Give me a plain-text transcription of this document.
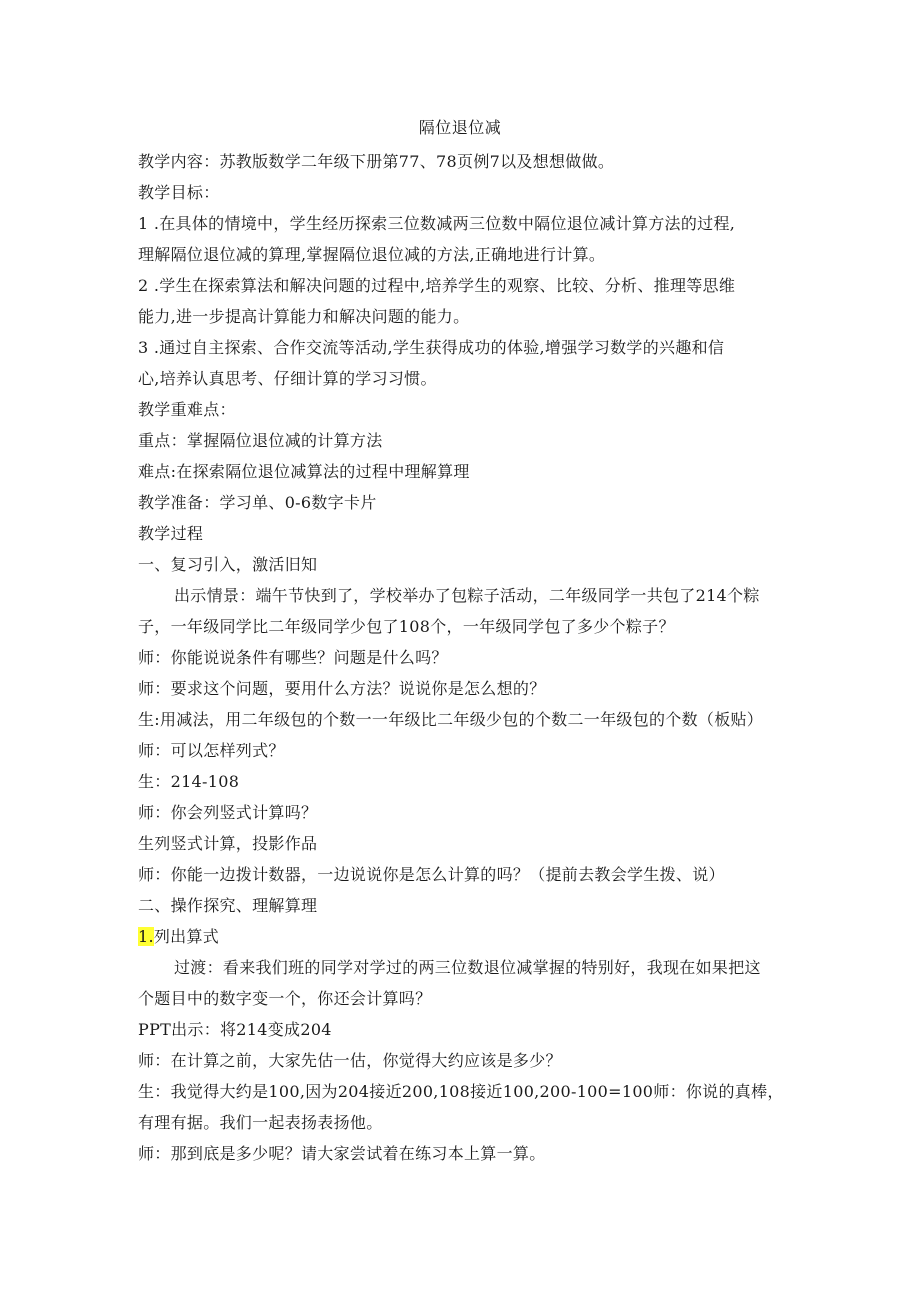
隔位退位减
教学内容：苏教版数学二年级下册第77、78页例7以及想想做做。
教学目标：
1 .在具体的情境中，学生经历探索三位数减两三位数中隔位退位减计算方法的过程,
理解隔位退位减的算理,掌握隔位退位减的方法,正确地进行计算。
2 .学生在探索算法和解决问题的过程中,培养学生的观察、比较、分析、推理等思维
能力,进一步提高计算能力和解决问题的能力。
3 .通过自主探索、合作交流等活动,学生获得成功的体验,增强学习数学的兴趣和信
心,培养认真思考、仔细计算的学习习惯。
教学重难点：
重点：掌握隔位退位减的计算方法
难点:在探索隔位退位减算法的过程中理解算理
教学准备：学习单、0-6数字卡片
教学过程
一、复习引入，激活旧知
出示情景：端午节快到了，学校举办了包粽子活动，二年级同学一共包了214个粽
子，一年级同学比二年级同学少包了108个，一年级同学包了多少个粽子？
师：你能说说条件有哪些？问题是什么吗？
师：要求这个问题，要用什么方法？说说你是怎么想的？
生:用减法，用二年级包的个数一一年级比二年级少包的个数二一年级包的个数（板贴）
师：可以怎样列式？
生：214-108
师：你会列竖式计算吗？
生列竖式计算，投影作品
师：你能一边拨计数器，一边说说你是怎么计算的吗？（提前去教会学生拨、说）
二、操作探究、理解算理
1.列出算式
过渡：看来我们班的同学对学过的两三位数退位减掌握的特别好，我现在如果把这
个题目中的数字变一个，你还会计算吗？
PPT出示：将214变成204
师：在计算之前，大家先估一估，你觉得大约应该是多少？
生：我觉得大约是100,因为204接近200,108接近100,200-100=100师：你说的真棒，
有理有据。我们一起表扬表扬他。
师：那到底是多少呢？请大家尝试着在练习本上算一算。
